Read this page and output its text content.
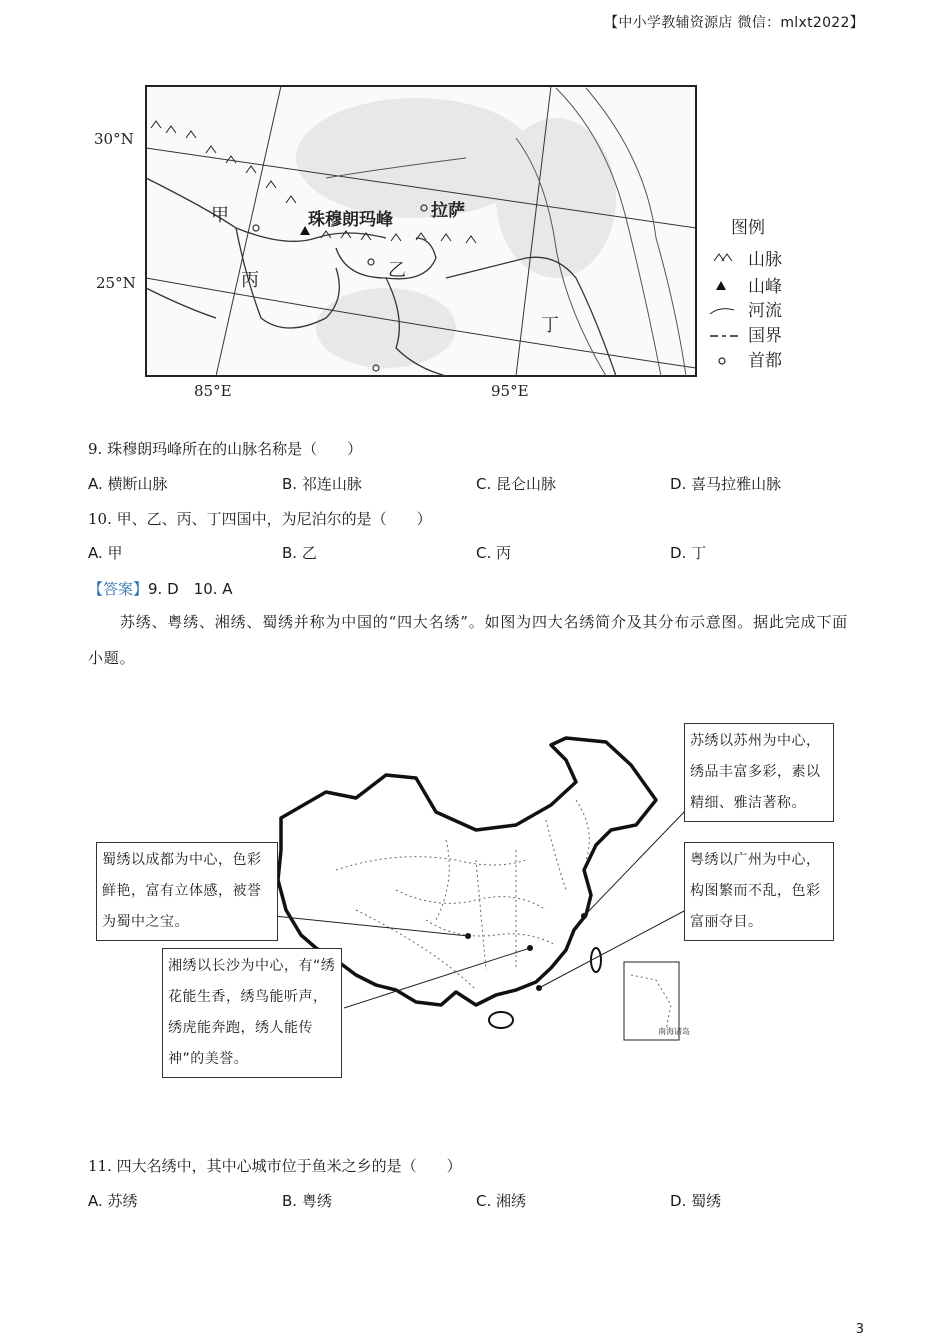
【中小学教辅资源店 微信：mlxt2022】
30°N
25°N
85°E	95°E
甲
乙
丙
丁
珠穆朗玛峰 拉萨
图例
山脉
山峰
河流
国界
首都
9. 珠穆朗玛峰所在的山脉名称是（　　）
A. 横断山脉	B. 祁连山脉	C. 昆仑山脉	D. 喜马拉雅山脉
10. 甲、乙、丙、丁四国中，为尼泊尔的是（　　）
A. 甲	B. 乙	C. 丙	D. 丁
【答案】9. D　10. A
苏绣、粤绣、湘绣、蜀绣并称为中国的“四大名绣”。如图为四大名绣简介及其分布示意图。据此完成下面小题。
南海诸岛
苏绣以苏州为中心，绣品丰富多彩，素以精细、雅洁著称。
粤绣以广州为中心，构图繁而不乱，色彩富丽夺目。
蜀绣以成都为中心，色彩鲜艳，富有立体感，被誉为蜀中之宝。
湘绣以长沙为中心，有“绣花能生香，绣鸟能听声，绣虎能奔跑，绣人能传神”的美誉。
11. 四大名绣中，其中心城市位于鱼米之乡的是（　　）
A. 苏绣	B. 粤绣	C. 湘绣	D. 蜀绣
3
